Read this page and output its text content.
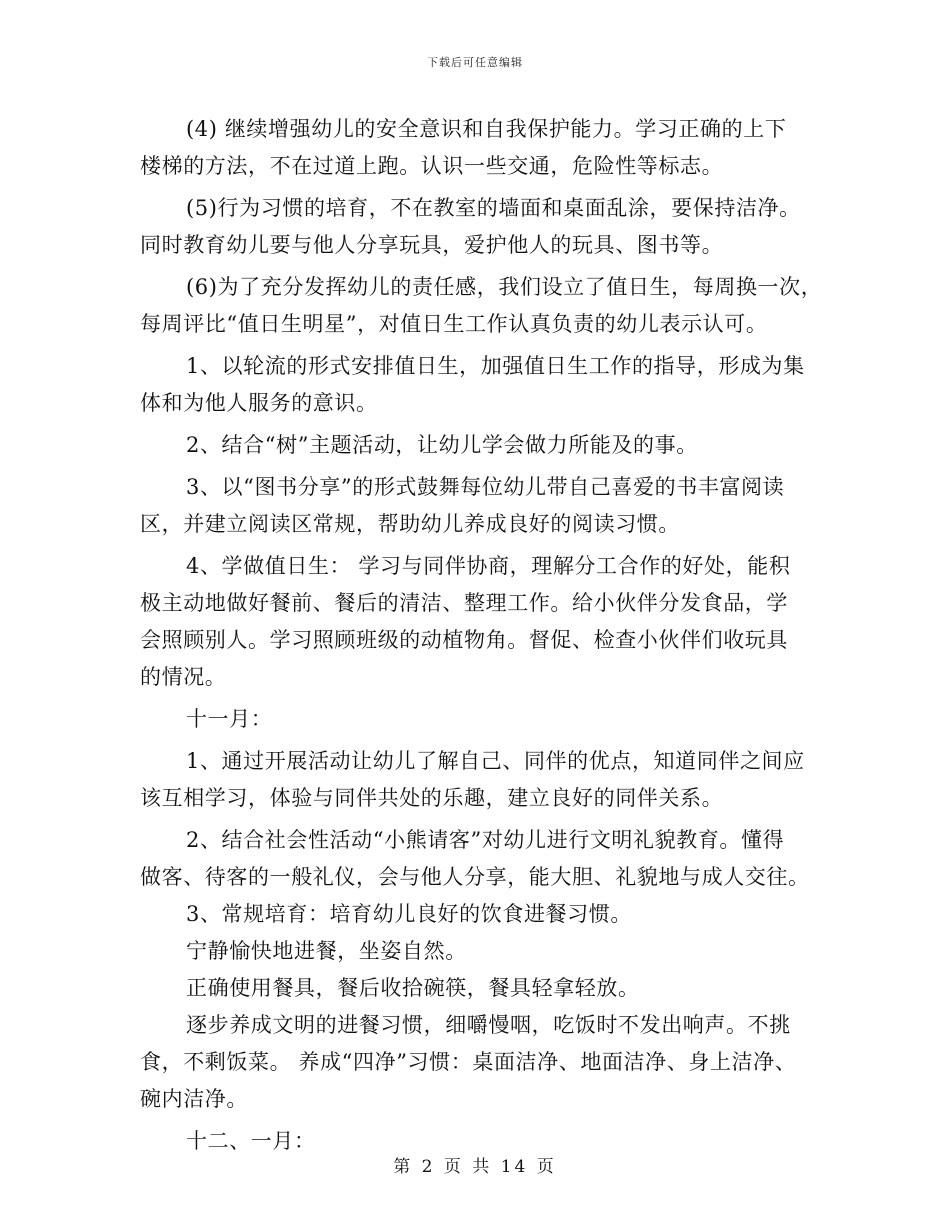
下载后可任意编辑
(4) 继续增强幼儿的安全意识和自我保护能力。学习正确的上下
楼梯的方法，不在过道上跑。认识一些交通，危险性等标志。
(5)行为习惯的培育，不在教室的墙面和桌面乱涂，要保持洁净。
同时教育幼儿要与他人分享玩具，爱护他人的玩具、图书等。
(6)为了充分发挥幼儿的责任感，我们设立了值日生，每周换一次，
每周评比“值日生明星”，对值日生工作认真负责的幼儿表示认可。
1、以轮流的形式安排值日生，加强值日生工作的指导，形成为集
体和为他人服务的意识。
2、结合“树”主题活动，让幼儿学会做力所能及的事。
3、以“图书分享”的形式鼓舞每位幼儿带自己喜爱的书丰富阅读
区，并建立阅读区常规，帮助幼儿养成良好的阅读习惯。
4、学做值日生： 学习与同伴协商，理解分工合作的好处，能积
极主动地做好餐前、餐后的清洁、整理工作。给小伙伴分发食品，学
会照顾别人。学习照顾班级的动植物角。督促、检查小伙伴们收玩具
的情况。
十一月：
1、通过开展活动让幼儿了解自己、同伴的优点，知道同伴之间应
该互相学习，体验与同伴共处的乐趣，建立良好的同伴关系。
2、结合社会性活动“小熊请客”对幼儿进行文明礼貌教育。懂得
做客、待客的一般礼仪，会与他人分享，能大胆、礼貌地与成人交往。
3、常规培育：培育幼儿良好的饮食进餐习惯。
宁静愉快地进餐，坐姿自然。
正确使用餐具，餐后收拾碗筷，餐具轻拿轻放。
逐步养成文明的进餐习惯，细嚼慢咽，吃饭时不发出响声。不挑
食，不剩饭菜。 养成“四净”习惯：桌面洁净、地面洁净、身上洁净、
碗内洁净。
十二、一月：
第 2 页 共 14 页
